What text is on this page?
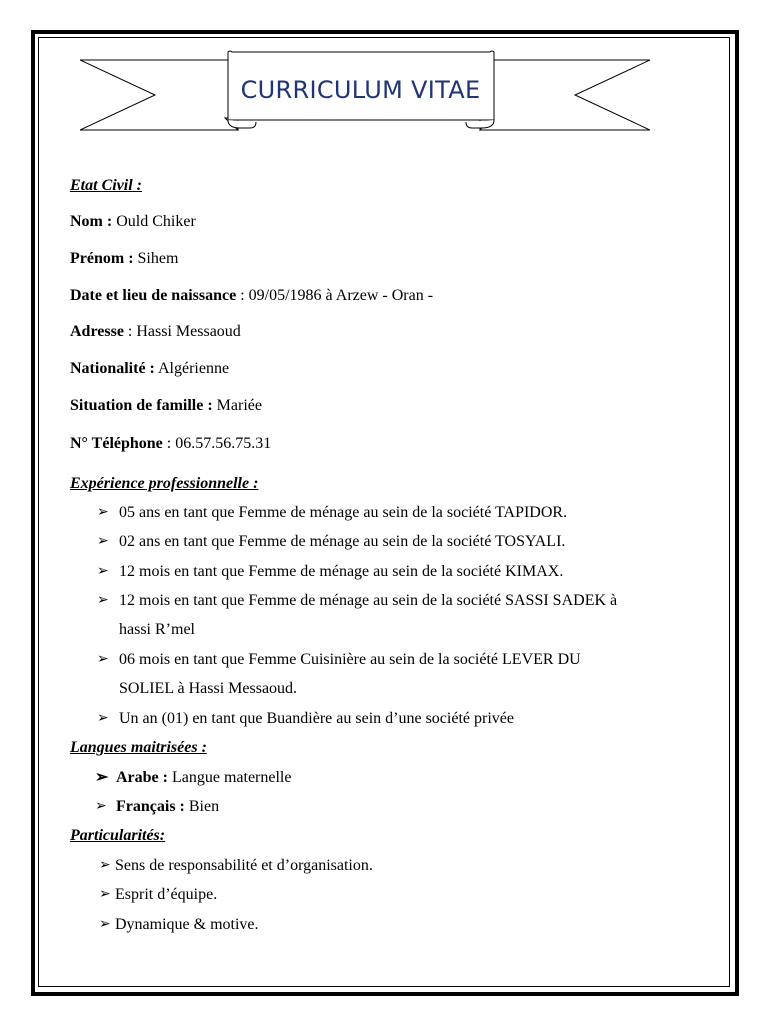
CURRICULUM VITAE
Etat Civil :
Nom : Ould Chiker
Prénom : Sihem
Date et lieu de naissance : 09/05/1986 à Arzew - Oran -
Adresse : Hassi Messaoud
Nationalité : Algérienne
Situation de famille : Mariée
N° Téléphone : 06.57.56.75.31
Expérience professionnelle :
➢ 05 ans en tant que Femme de ménage au sein de la société TAPIDOR.
➢ 02 ans en tant que Femme de ménage au sein de la société TOSYALI.
➢ 12 mois en tant que Femme de ménage au sein de la société KIMAX.
➢ 12 mois en tant que Femme de ménage au sein de la société SASSI SADEK à
hassi R’mel
➢ 06 mois en tant que Femme Cuisinière au sein de la société LEVER DU
SOLIEL à Hassi Messaoud.
➢ Un an (01) en tant que Buandière au sein d’une société privée
Langues maitrisées :
➢ Arabe : Langue maternelle
➢ Français : Bien
Particularités:
➢ Sens de responsabilité et d’organisation.
➢ Esprit d’équipe.
➢ Dynamique & motive.
